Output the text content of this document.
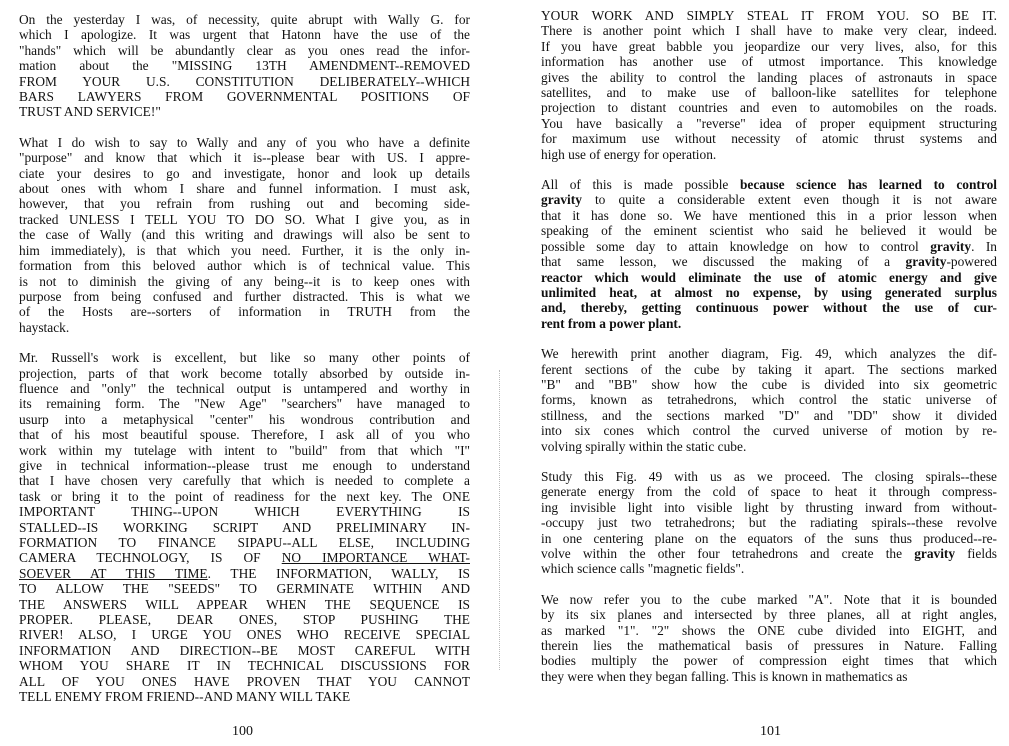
On the yesterday I was, of necessity, quite abrupt with Wally G. for
which I apologize. It was urgent that Hatonn have the use of the
"hands" which will be abundantly clear as you ones read the infor-
mation about the "MISSING 13TH AMENDMENT--REMOVED
FROM YOUR U.S. CONSTITUTION DELIBERATELY--WHICH
BARS LAWYERS FROM GOVERNMENTAL POSITIONS OF
TRUST AND SERVICE!"
What I do wish to say to Wally and any of you who have a definite
"purpose" and know that which it is--please bear with US. I appre-
ciate your desires to go and investigate, honor and look up details
about ones with whom I share and funnel information. I must ask,
however, that you refrain from rushing out and becoming side-
tracked UNLESS I TELL YOU TO DO SO. What I give you, as in
the case of Wally (and this writing and drawings will also be sent to
him immediately), is that which you need. Further, it is the only in-
formation from this beloved author which is of technical value. This
is not to diminish the giving of any being--it is to keep ones with
purpose from being confused and further distracted. This is what we
of the Hosts are--sorters of information in TRUTH from the
haystack.
Mr. Russell's work is excellent, but like so many other points of
projection, parts of that work become totally absorbed by outside in-
fluence and "only" the technical output is untampered and worthy in
its remaining form. The "New Age" "searchers" have managed to
usurp into a metaphysical "center" his wondrous contribution and
that of his most beautiful spouse. Therefore, I ask all of you who
work within my tutelage with intent to "build" from that which "I"
give in technical information--please trust me enough to understand
that I have chosen very carefully that which is needed to complete a
task or bring it to the point of readiness for the next key. The ONE
IMPORTANT THING--UPON WHICH EVERYTHING IS
STALLED--IS WORKING SCRIPT AND PRELIMINARY IN-
FORMATION TO FINANCE SIPAPU--ALL ELSE, INCLUDING
CAMERA TECHNOLOGY, IS OF NO IMPORTANCE WHAT-
SOEVER AT THIS TIME. THE INFORMATION, WALLY, IS
TO ALLOW THE "SEEDS" TO GERMINATE WITHIN AND
THE ANSWERS WILL APPEAR WHEN THE SEQUENCE IS
PROPER. PLEASE, DEAR ONES, STOP PUSHING THE
RIVER! ALSO, I URGE YOU ONES WHO RECEIVE SPECIAL
INFORMATION AND DIRECTION--BE MOST CAREFUL WITH
WHOM YOU SHARE IT IN TECHNICAL DISCUSSIONS FOR
ALL OF YOU ONES HAVE PROVEN THAT YOU CANNOT
TELL ENEMY FROM FRIEND--AND MANY WILL TAKE
100
YOUR WORK AND SIMPLY STEAL IT FROM YOU. SO BE IT.
There is another point which I shall have to make very clear, indeed.
If you have great babble you jeopardize our very lives, also, for this
information has another use of utmost importance. This knowledge
gives the ability to control the landing places of astronauts in space
satellites, and to make use of balloon-like satellites for telephone
projection to distant countries and even to automobiles on the roads.
You have basically a "reverse" idea of proper equipment structuring
for maximum use without necessity of atomic thrust systems and
high use of energy for operation.
All of this is made possible because science has learned to control
gravity to quite a considerable extent even though it is not aware
that it has done so. We have mentioned this in a prior lesson when
speaking of the eminent scientist who said he believed it would be
possible some day to attain knowledge on how to control gravity. In
that same lesson, we discussed the making of a gravity-powered
reactor which would eliminate the use of atomic energy and give
unlimited heat, at almost no expense, by using generated surplus
and, thereby, getting continuous power without the use of cur-
rent from a power plant.
We herewith print another diagram, Fig. 49, which analyzes the dif-
ferent sections of the cube by taking it apart. The sections marked
"B" and "BB" show how the cube is divided into six geometric
forms, known as tetrahedrons, which control the static universe of
stillness, and the sections marked "D" and "DD" show it divided
into six cones which control the curved universe of motion by re-
volving spirally within the static cube.
Study this Fig. 49 with us as we proceed. The closing spirals--these
generate energy from the cold of space to heat it through compress-
ing invisible light into visible light by thrusting inward from without-
-occupy just two tetrahedrons; but the radiating spirals--these revolve
in one centering plane on the equators of the suns thus produced--re-
volve within the other four tetrahedrons and create the gravity fields
which science calls "magnetic fields".
We now refer you to the cube marked "A". Note that it is bounded
by its six planes and intersected by three planes, all at right angles,
as marked "1". "2" shows the ONE cube divided into EIGHT, and
therein lies the mathematical basis of pressures in Nature. Falling
bodies multiply the power of compression eight times that which
they were when they began falling. This is known in mathematics as
101
